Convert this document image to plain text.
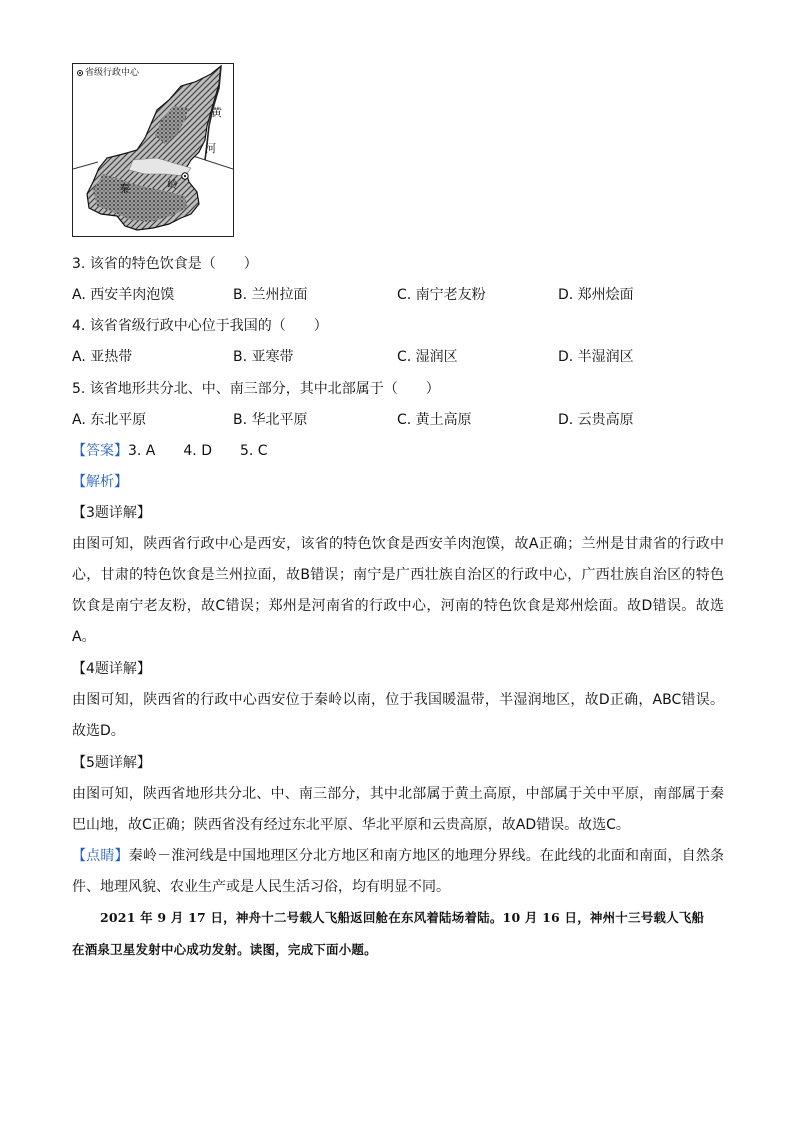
省级行政中心
黄
河
秦	岭
3. 该省的特色饮食是（　　）
A. 西安羊肉泡馍	B. 兰州拉面	C. 南宁老友粉	D. 郑州烩面
4. 该省省级行政中心位于我国的（　　）
A. 亚热带	B. 亚寒带	C. 湿润区	D. 半湿润区
5. 该省地形共分北、中、南三部分，其中北部属于（　　）
A. 东北平原	B. 华北平原	C. 黄土高原	D. 云贵高原
【答案】3. A　　4. D　　5. C
【解析】
【3题详解】

由图可知，陕西省行政中心是西安，该省的特色饮食是西安羊肉泡馍，故A正确；兰州是甘肃省的行政中心，甘肃的特色饮食是兰州拉面，故B错误；南宁是广西壮族自治区的行政中心，广西壮族自治区的特色饮食是南宁老友粉，故C错误；郑州是河南省的行政中心，河南的特色饮食是郑州烩面。故D错误。故选A。

【4题详解】

由图可知，陕西省的行政中心西安位于秦岭以南，位于我国暖温带，半湿润地区，故D正确，ABC错误。故选D。

【5题详解】

由图可知，陕西省地形共分北、中、南三部分，其中北部属于黄土高原，中部属于关中平原，南部属于秦巴山地，故C正确；陕西省没有经过东北平原、华北平原和云贵高原，故AD错误。故选C。

【点睛】秦岭－淮河线是中国地理区分北方地区和南方地区的地理分界线。在此线的北面和南面，自然条件、地理风貌、农业生产或是人民生活习俗，均有明显不同。

2021 年 9 月 17 日，神舟十二号载人飞船返回舱在东风着陆场着陆。10 月 16 日，神州十三号载人飞船
在酒泉卫星发射中心成功发射。读图，完成下面小题。
